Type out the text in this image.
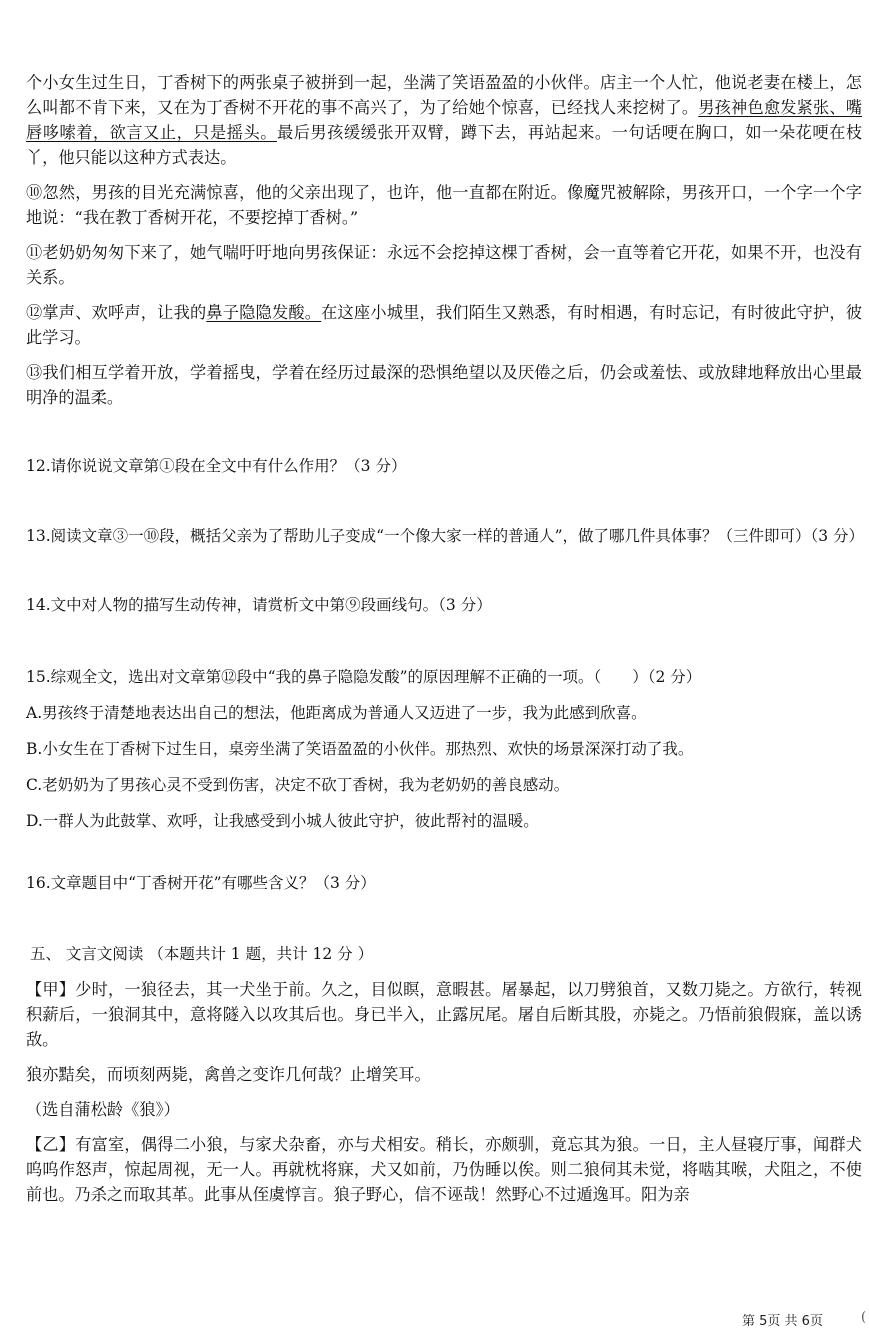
个小女生过生日，丁香树下的两张桌子被拼到一起，坐满了笑语盈盈的小伙伴。店主一个人忙，他说老妻在楼上，怎么叫都不肯下来，又在为丁香树不开花的事不高兴了，为了给她个惊喜，已经找人来挖树了。男孩神色愈发紧张、嘴唇哆嗦着，欲言又止，只是摇头。最后男孩缓缓张开双臂，蹲下去，再站起来。一句话哽在胸口，如一朵花哽在枝丫，他只能以这种方式表达。

⑩忽然，男孩的目光充满惊喜，他的父亲出现了，也许，他一直都在附近。像魔咒被解除，男孩开口，一个字一个字地说：“我在教丁香树开花，不要挖掉丁香树。”

⑪老奶奶匆匆下来了，她气喘吁吁地向男孩保证：永远不会挖掉这棵丁香树，会一直等着它开花，如果不开，也没有关系。

⑫掌声、欢呼声，让我的鼻子隐隐发酸。在这座小城里，我们陌生又熟悉，有时相遇，有时忘记，有时彼此守护，彼此学习。

⑬我们相互学着开放，学着摇曳，学着在经历过最深的恐惧绝望以及厌倦之后，仍会或羞怯、或放肆地释放出心里最明净的温柔。

12.请你说说文章第①段在全文中有什么作用？（3 分）

13.阅读文章③一⑩段，概括父亲为了帮助儿子变成“一个像大家一样的普通人”，做了哪几件具体事？（三件即可）（3 分）

14.文中对人物的描写生动传神，请赏析文中第⑨段画线句。（3 分）

15.综观全文，选出对文章第⑫段中“我的鼻子隐隐发酸”的原因理解不正确的一项。（　　）（2 分）

A.男孩终于清楚地表达出自己的想法，他距离成为普通人又迈进了一步，我为此感到欣喜。

B.小女生在丁香树下过生日，桌旁坐满了笑语盈盈的小伙伴。那热烈、欢快的场景深深打动了我。

C.老奶奶为了男孩心灵不受到伤害，决定不砍丁香树，我为老奶奶的善良感动。

D.一群人为此鼓掌、欢呼，让我感受到小城人彼此守护，彼此帮衬的温暖。

16.文章题目中“丁香树开花”有哪些含义？（3 分）

五、 文言文阅读 （本题共计 1 题，共计 12 分 ）

【甲】少时，一狼径去，其一犬坐于前。久之，目似瞑，意暇甚。屠暴起，以刀劈狼首，又数刀毙之。方欲行，转视积薪后，一狼洞其中，意将隧入以攻其后也。身已半入，止露尻尾。屠自后断其股，亦毙之。乃悟前狼假寐，盖以诱敌。

狼亦黠矣，而顷刻两毙，禽兽之变诈几何哉？止增笑耳。

（选自蒲松龄《狼》）

【乙】有富室，偶得二小狼，与家犬杂畜，亦与犬相安。稍长，亦颇驯，竟忘其为狼。一日，主人昼寝厅事，闻群犬呜呜作怒声，惊起周视，无一人。再就枕将寐，犬又如前，乃伪睡以俟。则二狼伺其未觉，将啮其喉，犬阻之，不使前也。乃杀之而取其革。此事从侄虞惇言。狼子野心，信不诬哉！然野心不过遁逸耳。阳为亲

第 5页 共 6页	(
